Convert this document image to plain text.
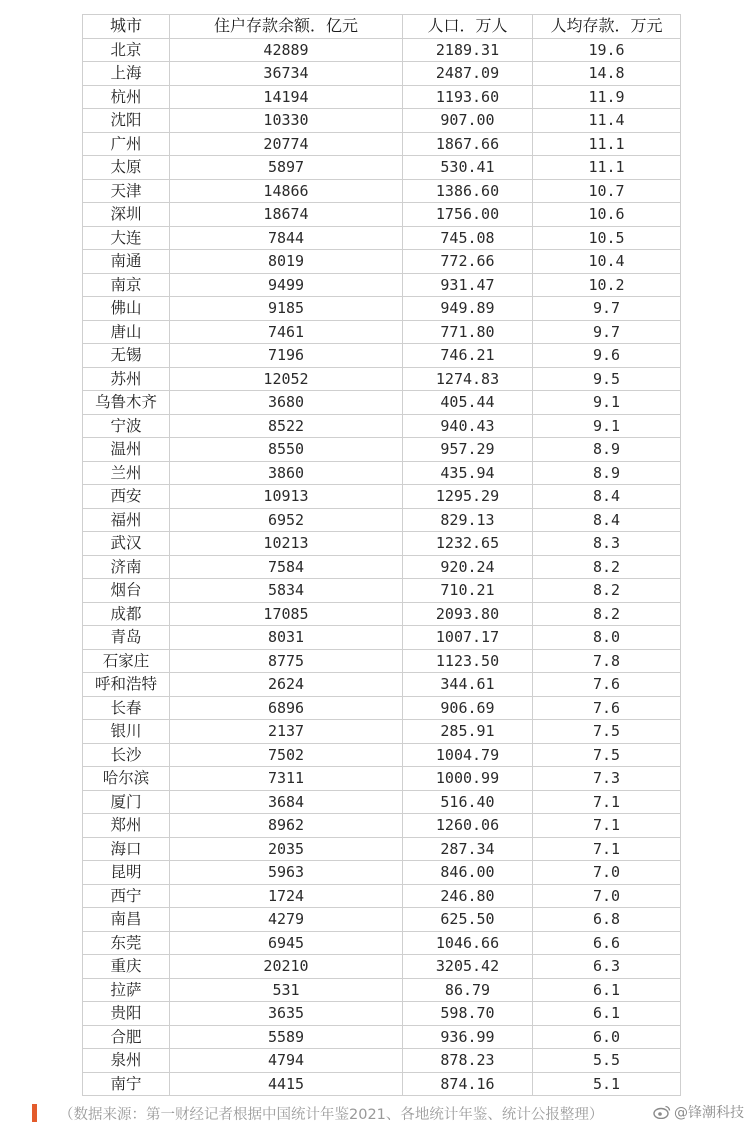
城市	住户存款余额．亿元	人口．万人	人均存款．万元
北京	42889	2189.31	19.6
上海	36734	2487.09	14.8
杭州	14194	1193.60	11.9
沈阳	10330	907.00	11.4
广州	20774	1867.66	11.1
太原	5897	530.41	11.1
天津	14866	1386.60	10.7
深圳	18674	1756.00	10.6
大连	7844	745.08	10.5
南通	8019	772.66	10.4
南京	9499	931.47	10.2
佛山	9185	949.89	9.7
唐山	7461	771.80	9.7
无锡	7196	746.21	9.6
苏州	12052	1274.83	9.5
乌鲁木齐	3680	405.44	9.1
宁波	8522	940.43	9.1
温州	8550	957.29	8.9
兰州	3860	435.94	8.9
西安	10913	1295.29	8.4
福州	6952	829.13	8.4
武汉	10213	1232.65	8.3
济南	7584	920.24	8.2
烟台	5834	710.21	8.2
成都	17085	2093.80	8.2
青岛	8031	1007.17	8.0
石家庄	8775	1123.50	7.8
呼和浩特	2624	344.61	7.6
长春	6896	906.69	7.6
银川	2137	285.91	7.5
长沙	7502	1004.79	7.5
哈尔滨	7311	1000.99	7.3
厦门	3684	516.40	7.1
郑州	8962	1260.06	7.1
海口	2035	287.34	7.1
昆明	5963	846.00	7.0
西宁	1724	246.80	7.0
南昌	4279	625.50	6.8
东莞	6945	1046.66	6.6
重庆	20210	3205.42	6.3
拉萨	531	86.79	6.1
贵阳	3635	598.70	6.1
合肥	5589	936.99	6.0
泉州	4794	878.23	5.5
南宁	4415	874.16	5.1
（数据来源：第一财经记者根据中国统计年鉴2021、各地统计年鉴、统计公报整理）	@锋潮科技
